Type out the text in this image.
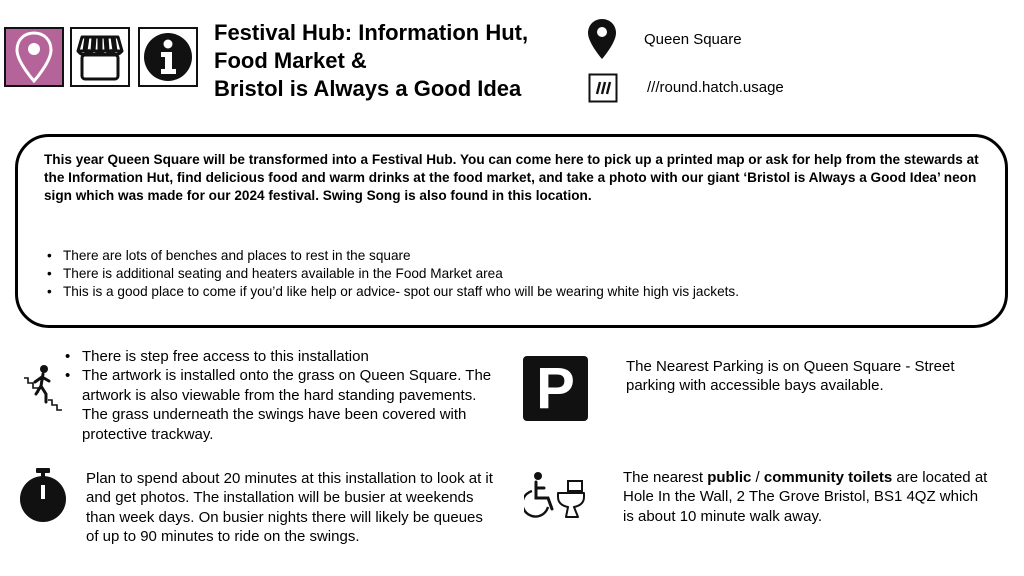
Festival Hub: Information Hut,
Food Market &
Bristol is Always a Good Idea
Queen Square
///round.hatch.usage

This year Queen Square will be transformed into a Festival Hub. You can come here to pick up a printed map or ask for help from the stewards at the Information Hut, find delicious food and warm drinks at the food market, and take a photo with our giant ‘Bristol is Always a Good Idea’ neon sign which was made for our 2024 festival. Swing Song is also found in this location.

• There are lots of benches and places to rest in the square
• There is additional seating and heaters available in the Food Market area
• This is a good place to come if you’d like help or advice- spot our staff who will be wearing white high vis jackets.
• There is step free access to this installation
• The artwork is installed onto the grass on Queen Square. The artwork is also viewable from the hard standing pavements. The grass underneath the swings have been covered with protective trackway.
P	The Nearest Parking is on Queen Square - Street parking with accessible bays available.

Plan to spend about 20 minutes at this installation to look at it and get photos. The installation will be busier at weekends than week days. On busier nights there will likely be queues of up to 90 minutes to ride on the swings.

The nearest public / community toilets are located at Hole In the Wall, 2 The Grove Bristol, BS1 4QZ which is about 10 minute walk away.
